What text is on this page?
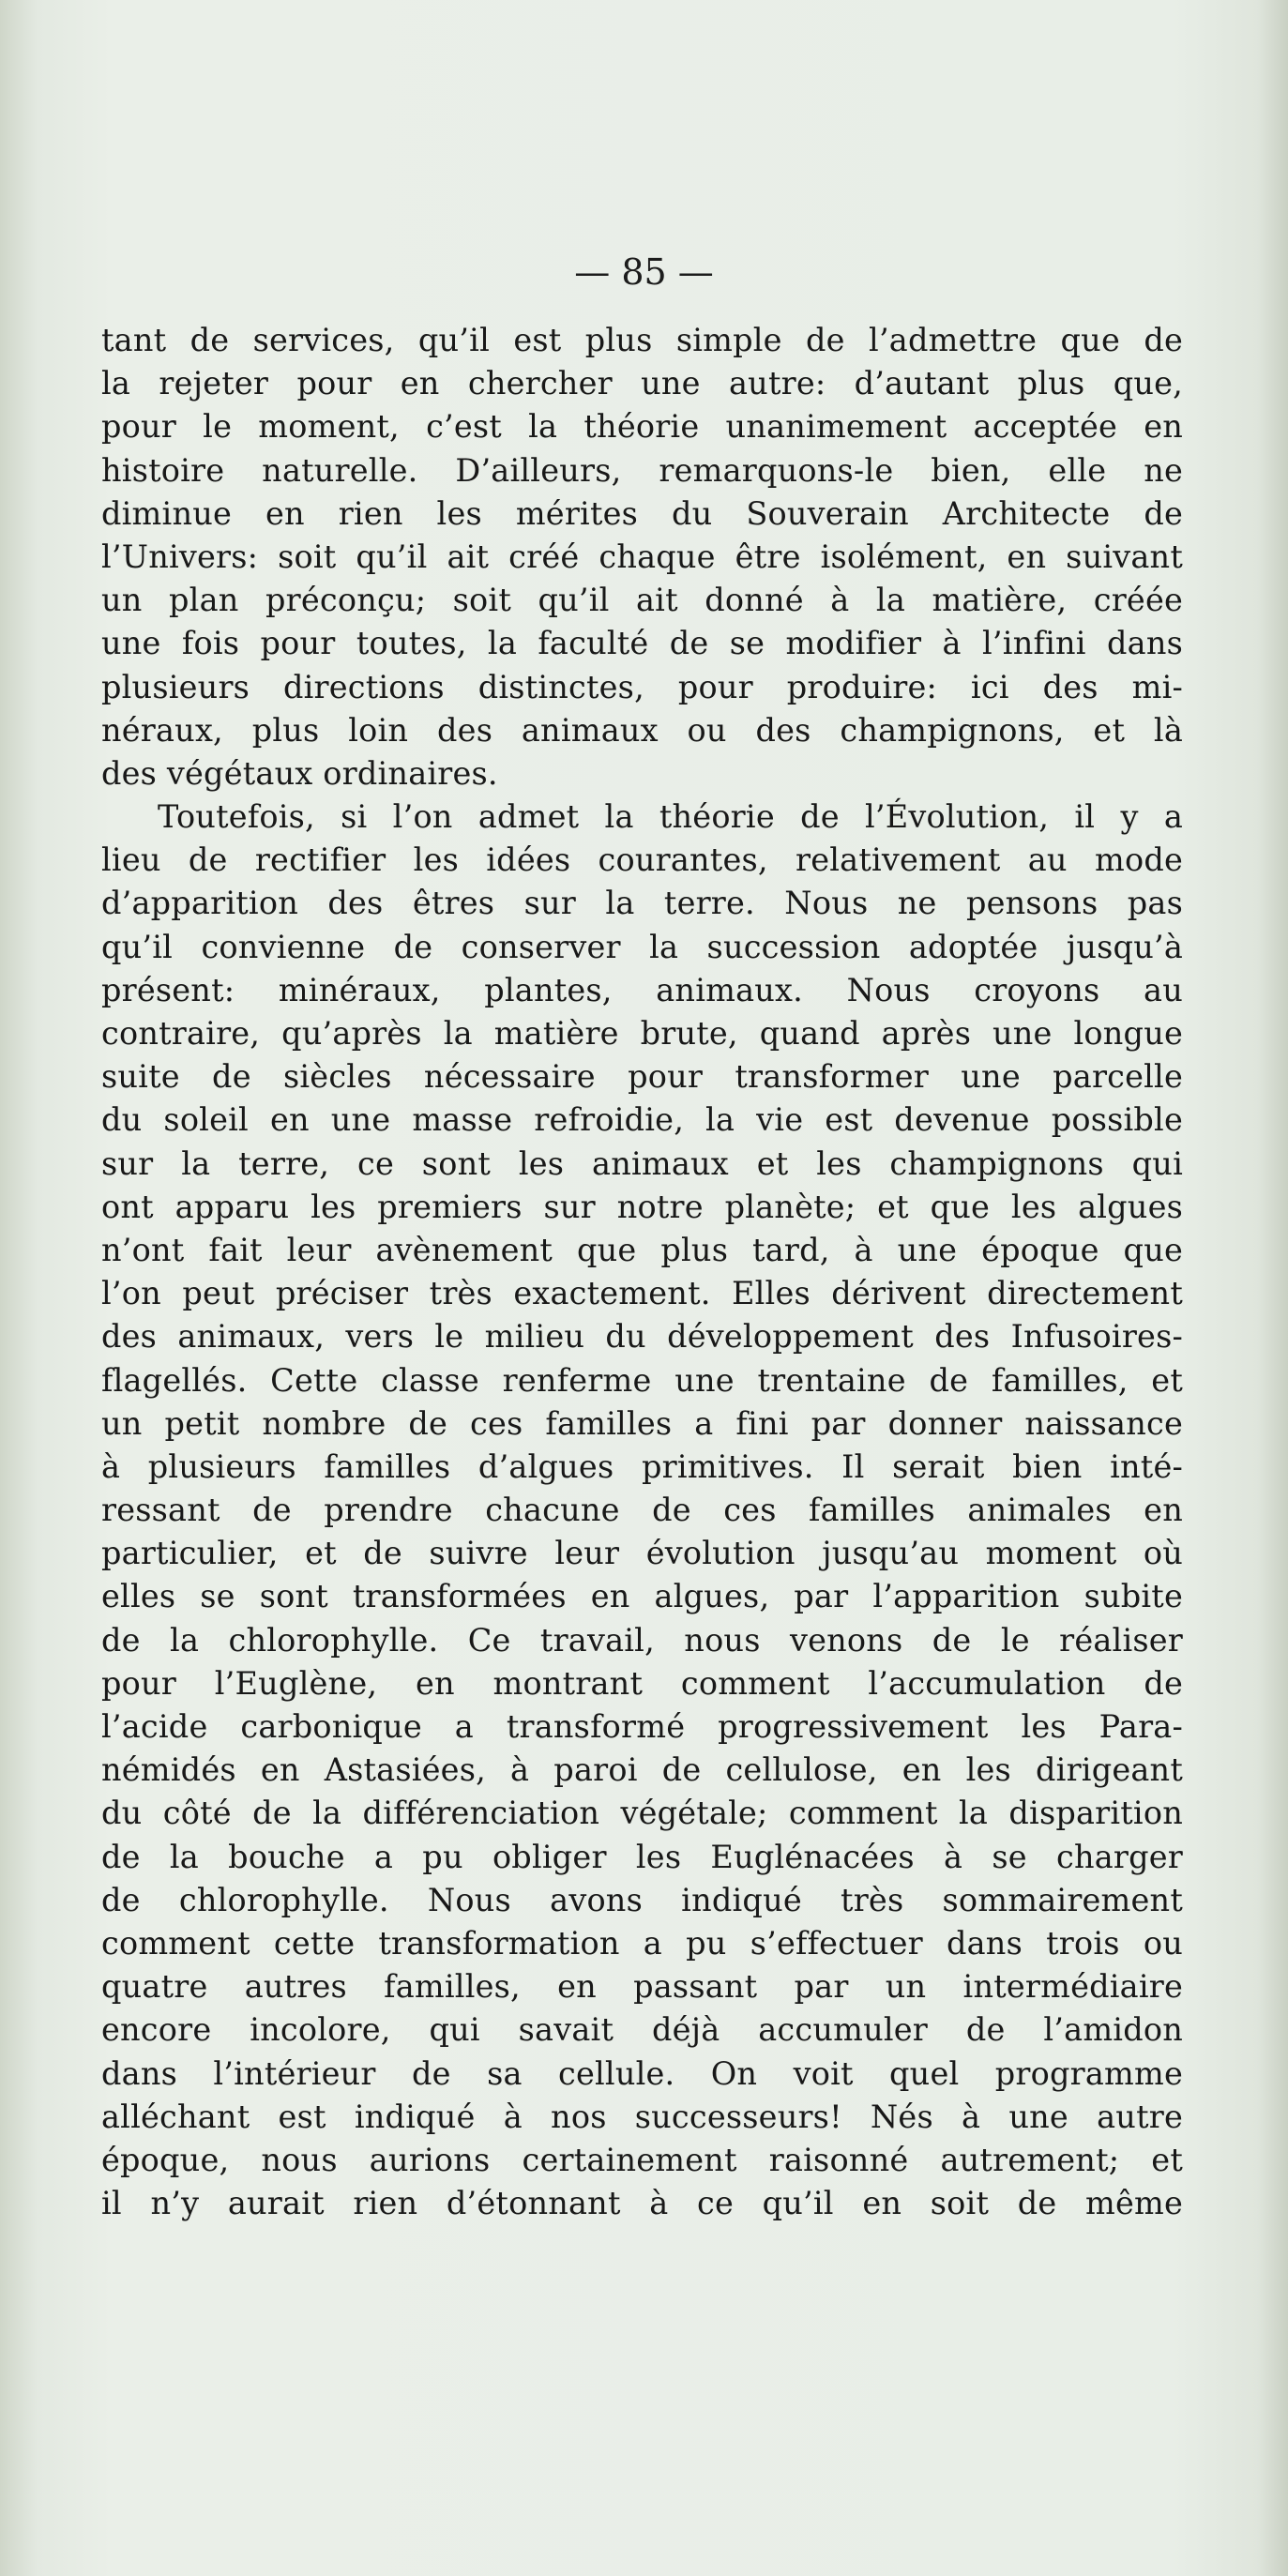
— 85 —
tant de services, qu’il est plus simple de l’admettre que de
la rejeter pour en chercher une autre: d’autant plus que,
pour le moment, c’est la théorie unanimement acceptée en
histoire naturelle. D’ailleurs, remarquons-le bien, elle ne
diminue en rien les mérites du Souverain Architecte de
l’Univers: soit qu’il ait créé chaque être isolément, en suivant
un plan préconçu; soit qu’il ait donné à la matière, créée
une fois pour toutes, la faculté de se modifier à l’infini dans
plusieurs directions distinctes, pour produire: ici des mi-
néraux, plus loin des animaux ou des champignons, et là
des végétaux ordinaires.
Toutefois, si l’on admet la théorie de l’Évolution, il y a
lieu de rectifier les idées courantes, relativement au mode
d’apparition des êtres sur la terre. Nous ne pensons pas
qu’il convienne de conserver la succession adoptée jusqu’à
présent: minéraux, plantes, animaux. Nous croyons au
contraire, qu’après la matière brute, quand après une longue
suite de siècles nécessaire pour transformer une parcelle
du soleil en une masse refroidie, la vie est devenue possible
sur la terre, ce sont les animaux et les champignons qui
ont apparu les premiers sur notre planète; et que les algues
n’ont fait leur avènement que plus tard, à une époque que
l’on peut préciser très exactement. Elles dérivent directement
des animaux, vers le milieu du développement des Infusoires-
flagellés. Cette classe renferme une trentaine de familles, et
un petit nombre de ces familles a fini par donner naissance
à plusieurs familles d’algues primitives. Il serait bien inté-
ressant de prendre chacune de ces familles animales en
particulier, et de suivre leur évolution jusqu’au moment où
elles se sont transformées en algues, par l’apparition subite
de la chlorophylle. Ce travail, nous venons de le réaliser
pour l’Euglène, en montrant comment l’accumulation de
l’acide carbonique a transformé progressivement les Para-
némidés en Astasiées, à paroi de cellulose, en les dirigeant
du côté de la différenciation végétale; comment la disparition
de la bouche a pu obliger les Euglénacées à se charger
de chlorophylle. Nous avons indiqué très sommairement
comment cette transformation a pu s’effectuer dans trois ou
quatre autres familles, en passant par un intermédiaire
encore incolore, qui savait déjà accumuler de l’amidon
dans l’intérieur de sa cellule. On voit quel programme
alléchant est indiqué à nos successeurs! Nés à une autre
époque, nous aurions certainement raisonné autrement; et
il n’y aurait rien d’étonnant à ce qu’il en soit de même
